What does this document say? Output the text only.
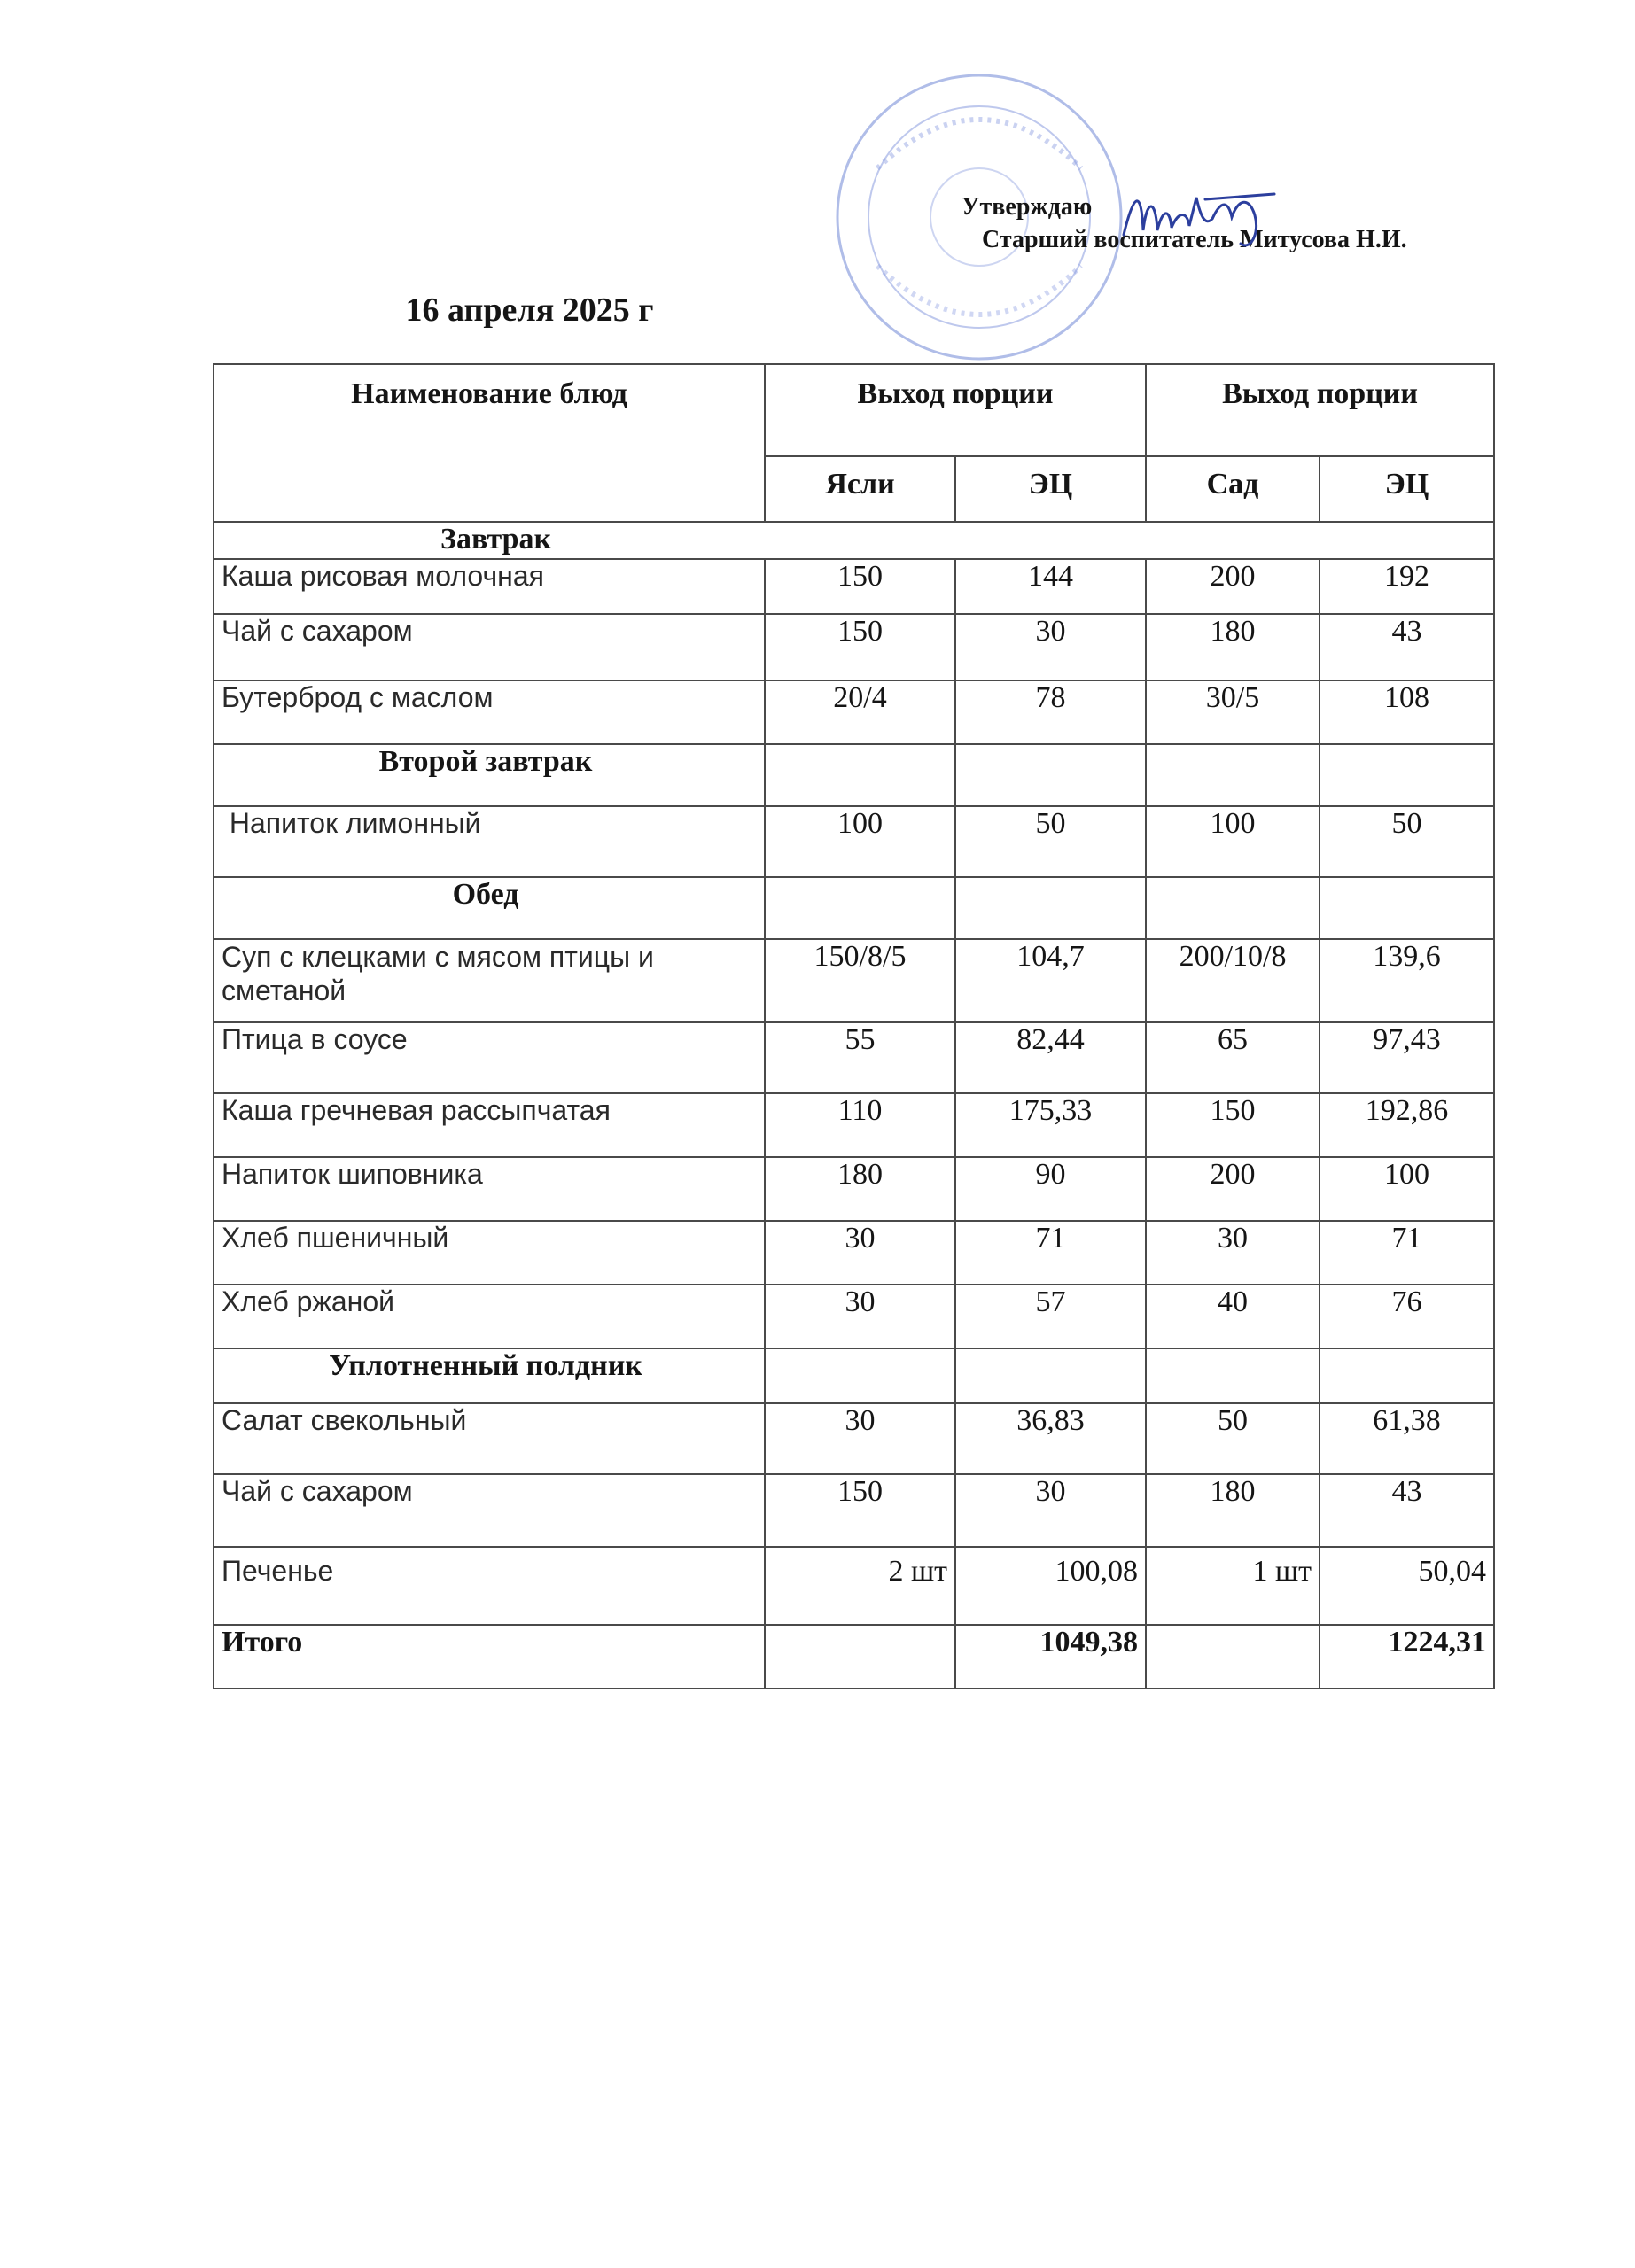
Утверждаю
Старший воспитатель Митусова Н.И.
16 апреля 2025 г
Наименование блюд	Выход порции		Выход порции	
	Ясли	ЭЦ	Сад	ЭЦ
Завтрак				
Каша рисовая молочная	150	144	200	192
Чай с сахаром	150	30	180	43
Бутерброд с маслом	20/4	78	30/5	108
Второй завтрак				
Напиток лимонный	100	50	100	50
Обед				
Суп с клецками с мясом птицы и сметаной	150/8/5	104,7	200/10/8	139,6
Птица в соусе	55	82,44	65	97,43
Каша гречневая рассыпчатая	110	175,33	150	192,86
Напиток шиповника	180	90	200	100
Хлеб пшеничный	30	71	30	71
Хлеб ржаной	30	57	40	76
Уплотненный полдник				
Салат свекольный	30	36,83	50	61,38
Чай с сахаром	150	30	180	43
Печенье	2 шт	100,08	1 шт	50,04
Итого		1049,38		1224,31
